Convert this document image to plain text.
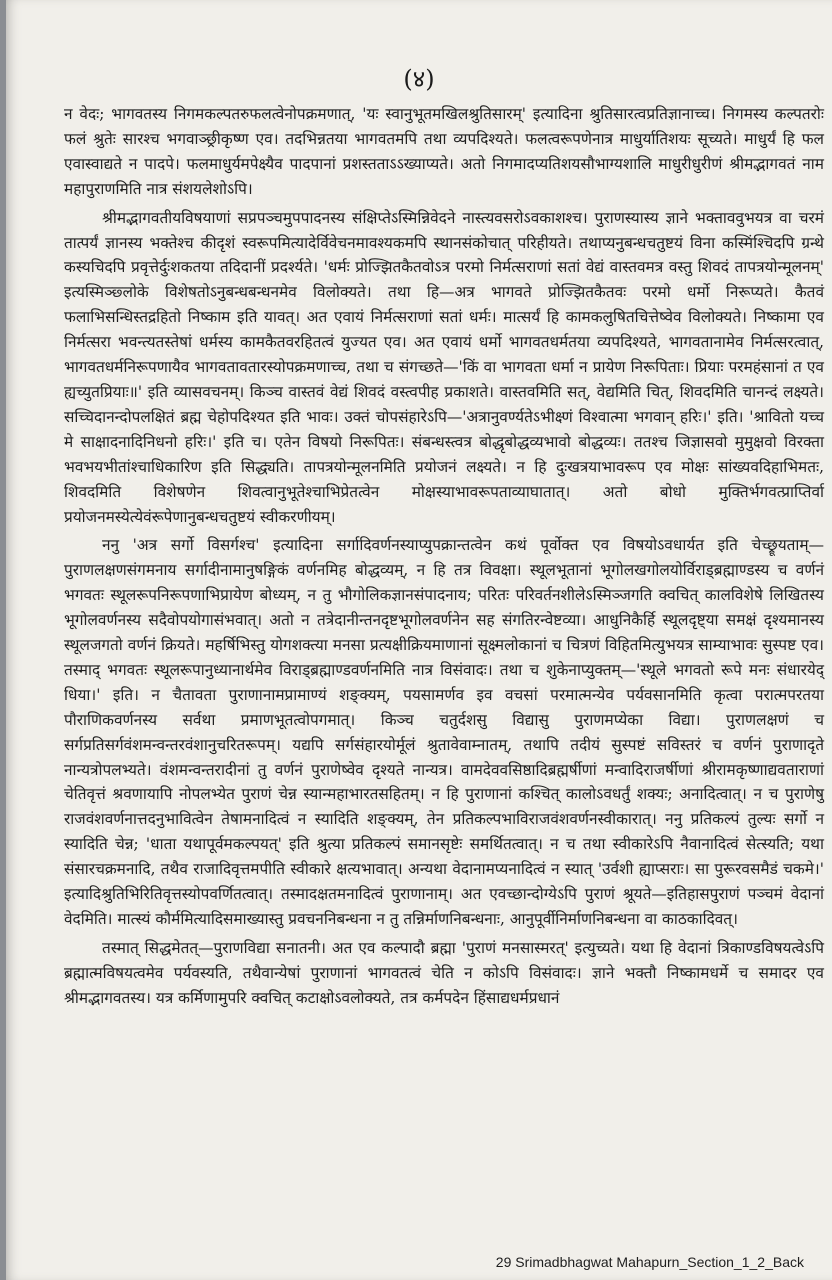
(४)

न वेदः; भागवतस्य निगमकल्पतरुफलत्वेनोपक्रमणात्, 'यः स्वानुभूतमखिलश्रुतिसारम्' इत्यादिना श्रुतिसारत्वप्रतिज्ञानाच्च। निगमस्य कल्पतरोः फलं श्रुतेः सारश्च भगवाञ्छ्रीकृष्ण एव। तदभिन्नतया भागवतमपि तथा व्यपदिश्यते। फलत्वरूपणेनात्र माधुर्यातिशयः सूच्यते। माधुर्यं हि फल एवास्वाद्यते न पादपे। फलमाधुर्यमपेक्ष्यैव पादपानां प्रशस्तताऽऽख्याप्यते। अतो निगमादप्यतिशयसौभाग्यशालि माधुरीधुरीणं श्रीमद्भागवतं नाम महापुराणमिति नात्र संशयलेशोऽपि।

श्रीमद्भागवतीयविषयाणां सप्रपञ्चमुपपादनस्य संक्षिप्तेऽस्मिन्निवेदने नास्त्यवसरोऽवकाशश्च। पुराणस्यास्य ज्ञाने भक्ताववुभयत्र वा चरमं तात्पर्यं ज्ञानस्य भक्तेश्च कीदृशं स्वरूपमित्यादेर्विवेचनमावश्यकमपि स्थानसंकोचात् परिहीयते। तथाप्यनुबन्धचतुष्टयं विना कस्मिंश्चिदपि ग्रन्थे कस्यचिदपि प्रवृत्तेर्दुःशकतया तदिदानीं प्रदर्श्यते। 'धर्मः प्रोज्झितकैतवोऽत्र परमो निर्मत्सराणां सतां वेद्यं वास्तवमत्र वस्तु शिवदं तापत्रयोन्मूलनम्' इत्यस्मिञ्छ्लोके विशेषतोऽनुबन्धबन्धनमेव विलोक्यते। तथा हि—अत्र भागवते प्रोज्झितकैतवः परमो धर्मो निरूप्यते। कैतवं फलाभिसन्धिस्तद्रहितो निष्काम इति यावत्। अत एवायं निर्मत्सराणां सतां धर्मः। मात्सर्यं हि कामकलुषितचित्तेष्वेव विलोक्यते। निष्कामा एव निर्मत्सरा भवन्त्यतस्तेषां धर्मस्य कामकैतवरहितत्वं युज्यत एव। अत एवायं धर्मो भागवतधर्मतया व्यपदिश्यते, भागवतानामेव निर्मत्सरत्वात्, भागवतधर्मनिरूपणायैव भागवतावतारस्योपक्रमणाच्च, तथा च संगच्छते—'किं वा भागवता धर्मा न प्रायेण निरूपिताः। प्रियाः परमहंसानां त एव ह्यच्युतप्रियाः॥' इति व्यासवचनम्। किञ्च वास्तवं वेद्यं शिवदं वस्त्वपीह प्रकाशते। वास्तवमिति सत्, वेद्यमिति चित्, शिवदमिति चानन्दं लक्ष्यते। सच्चिदानन्दोपलक्षितं ब्रह्म चेहोपदिश्यत इति भावः। उक्तं चोपसंहारेऽपि—'अत्रानुवर्ण्यतेऽभीक्ष्णं विश्वात्मा भगवान् हरिः।' इति। 'श्रावितो यच्च मे साक्षादनादिनिधनो हरिः।' इति च। एतेन विषयो निरूपितः। संबन्धस्त्वत्र बोद्धृबोद्धव्यभावो बोद्धव्यः। ततश्च जिज्ञासवो मुमुक्षवो विरक्ता भवभयभीतांश्चाधिकारिण इति सिद्ध्यति। तापत्रयोन्मूलनमिति प्रयोजनं लक्ष्यते। न हि दुःखत्रयाभावरूप एव मोक्षः सांख्यवदिहाभिमतः, शिवदमिति विशेषणेन शिवत्वानुभूतेश्चाभिप्रेतत्वेन मोक्षस्याभावरूपताव्याघातात्। अतो बोधो मुक्तिर्भगवत्प्राप्तिर्वा प्रयोजनमस्येत्येवंरूपेणानुबन्धचतुष्टयं स्वीकरणीयम्।

ननु 'अत्र सर्गो विसर्गश्च' इत्यादिना सर्गादिवर्णनस्याप्युपक्रान्तत्वेन कथं पूर्वोक्त एव विषयोऽवधार्यत इति चेच्छ्रूयताम्—पुराणलक्षणसंगमनाय सर्गादीनामानुषङ्गिकं वर्णनमिह बोद्धव्यम्, न हि तत्र विवक्षा। स्थूलभूतानां भूगोलखगोलयोर्विराड्ब्रह्माण्डस्य च वर्णनं भगवतः स्थूलरूपनिरूपणाभिप्रायेण बोध्यम्, न तु भौगोलिकज्ञानसंपादनाय; परितः परिवर्तनशीलेऽस्मिञ्जगति क्वचित् कालविशेषे लिखितस्य भूगोलवर्णनस्य सदैवोपयोगासंभवात्। अतो न तत्रेदानीन्तनदृष्टभूगोलवर्णनेन सह संगतिरन्वेष्टव्या। आधुनिकैर्हि स्थूलदृष्ट्या समक्षं दृश्यमानस्य स्थूलजगतो वर्णनं क्रियते। महर्षिभिस्तु योगशक्त्या मनसा प्रत्यक्षीक्रियमाणानां सूक्ष्मलोकानां च चित्रणं विहितमित्युभयत्र साम्याभावः सुस्पष्ट एव। तस्माद् भगवतः स्थूलरूपानुध्यानार्थमेव विराड्ब्रह्माण्डवर्णनमिति नात्र विसंवादः। तथा च शुकेनाप्युक्तम्—'स्थूले भगवतो रूपे मनः संधारयेद् धिया।' इति। न चैतावता पुराणानामप्रामाण्यं शङ्क्यम्, पयसामर्णव इव वचसां परमात्मन्येव पर्यवसानमिति कृत्वा परात्मपरतया पौराणिकवर्णनस्य सर्वथा प्रमाणभूतत्वोपगमात्। किञ्च चतुर्दशसु विद्यासु पुराणमप्येका विद्या। पुराणलक्षणं च सर्गप्रतिसर्गवंशमन्वन्तरवंशानुचरितरूपम्। यद्यपि सर्गसंहारयोर्मूलं श्रुतावेवाम्नातम्, तथापि तदीयं सुस्पष्टं सविस्तरं च वर्णनं पुराणादृते नान्यत्रोपलभ्यते। वंशमन्वन्तरादीनां तु वर्णनं पुराणेष्वेव दृश्यते नान्यत्र। वामदेववसिष्ठादिब्रह्मर्षीणां मन्वादिराजर्षीणां श्रीरामकृष्णाद्यवताराणां चेतिवृत्तं श्रवणायापि नोपलभ्येत पुराणं चेन्न स्यान्महाभारतसहितम्। न हि पुराणानां कश्चित् कालोऽवधर्तुं शक्यः; अनादित्वात्। न च पुराणेषु राजवंशवर्णनात्तदनुभावित्वेन तेषामनादित्वं न स्यादिति शङ्क्यम्, तेन प्रतिकल्पभाविराजवंशवर्णनस्वीकारात्। ननु प्रतिकल्पं तुल्यः सर्गो न स्यादिति चेन्न; 'धाता यथापूर्वमकल्पयत्' इति श्रुत्या प्रतिकल्पं समानसृष्टेः समर्थितत्वात्। न च तथा स्वीकारेऽपि नैवानादित्वं सेत्स्यति; यथा संसारचक्रमनादि, तथैव राजादिवृत्तमपीति स्वीकारे क्षत्यभावात्। अन्यथा वेदानामप्यनादित्वं न स्यात् 'उर्वशी ह्याप्सराः। सा पुरूरवसमैडं चकमे।' इत्यादिश्रुतिभिरितिवृत्तस्योपवर्णितत्वात्। तस्मादक्षतमनादित्वं पुराणानाम्। अत एवच्छान्दोग्येऽपि पुराणं श्रूयते—इतिहासपुराणं पञ्चमं वेदानां वेदमिति। मात्स्यं कौर्ममित्यादिसमाख्यास्तु प्रवचननिबन्धना न तु तन्निर्माणनिबन्धनाः, आनुपूर्वीनिर्माणनिबन्धना वा काठकादिवत्।

तस्मात् सिद्धमेतत्—पुराणविद्या सनातनी। अत एव कल्पादौ ब्रह्मा 'पुराणं मनसास्मरत्' इत्युच्यते। यथा हि वेदानां त्रिकाण्डविषयत्वेऽपि ब्रह्मात्मविषयत्वमेव पर्यवस्यति, तथैवान्येषां पुराणानां भागवतत्वं चेति न कोऽपि विसंवादः। ज्ञाने भक्तौ निष्कामधर्मे च समादर एव श्रीमद्भागवतस्य। यत्र कर्मिणामुपरि क्वचित् कटाक्षोऽवलोक्यते, तत्र कर्मपदेन हिंसाद्यधर्मप्रधानं

29 Srimadbhagwat Mahapurn_Section_1_2_Back
